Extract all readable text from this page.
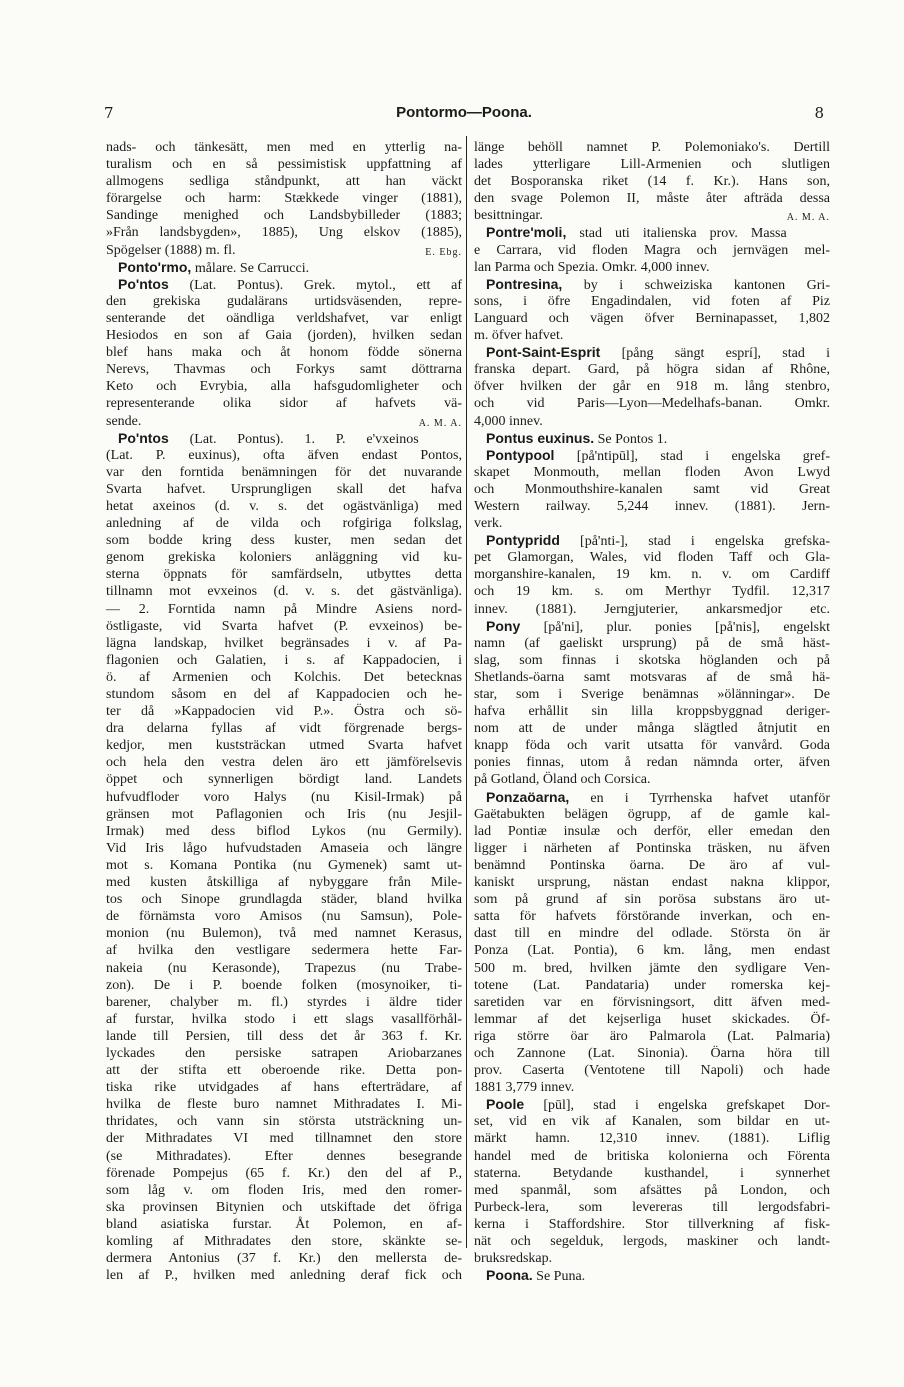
7	Pontormo—Poona.	8
nads- och tänkesätt, men med en ytterlig na-
turalism och en så pessimistisk uppfattning af
allmogens sedliga ståndpunkt, att han väckt
förargelse och harm: Stækkede vinger (1881),
Sandinge menighed och Landsbybilleder (1883;
»Från landsbygden», 1885), Ung elskov (1885),
Spögelser (1888) m. fl.	E. Ebg.
Ponto'rmo, målare. Se Carrucci.
Po'ntos (Lat. Pontus). Grek. mytol., ett af
den grekiska gudalärans urtidsväsenden, repre-
senterande det oändliga verldshafvet, var enligt
Hesiodos en son af Gaia (jorden), hvilken sedan
blef hans maka och åt honom födde sönerna
Nerevs, Thavmas och Forkys samt döttrarna
Keto och Evrybia, alla hafsgudomligheter och
representerande olika sidor af hafvets vä-
sende.	A. M. A.
Po'ntos (Lat. Pontus). 1. P. e'vxeinos
(Lat. P. euxinus), ofta äfven endast Pontos,
var den forntida benämningen för det nuvarande
Svarta hafvet. Ursprungligen skall det hafva
hetat axeinos (d. v. s. det ogästvänliga) med
anledning af de vilda och rofgiriga folkslag,
som bodde kring dess kuster, men sedan det
genom grekiska koloniers anläggning vid ku-
sterna öppnats för samfärdseln, utbyttes detta
tillnamn mot evxeinos (d. v. s. det gästvänliga).
— 2. Forntida namn på Mindre Asiens nord-
östligaste, vid Svarta hafvet (P. evxeinos) be-
lägna landskap, hvilket begränsades i v. af Pa-
flagonien och Galatien, i s. af Kappadocien, i
ö. af Armenien och Kolchis. Det betecknas
stundom såsom en del af Kappadocien och he-
ter då »Kappadocien vid P.». Östra och sö-
dra delarna fyllas af vidt förgrenade bergs-
kedjor, men kuststräckan utmed Svarta hafvet
och hela den vestra delen äro ett jämförelsevis
öppet och synnerligen bördigt land. Landets
hufvudfloder voro Halys (nu Kisil-Irmak) på
gränsen mot Paflagonien och Iris (nu Jesjil-
Irmak) med dess biflod Lykos (nu Germily).
Vid Iris lågo hufvudstaden Amaseia och längre
mot s. Komana Pontika (nu Gymenek) samt ut-
med kusten åtskilliga af nybyggare från Mile-
tos och Sinope grundlagda städer, bland hvilka
de förnämsta voro Amisos (nu Samsun), Pole-
monion (nu Bulemon), två med namnet Kerasus,
af hvilka den vestligare sedermera hette Far-
nakeia (nu Kerasonde), Trapezus (nu Trabe-
zon). De i P. boende folken (mosynoiker, ti-
barener, chalyber m. fl.) styrdes i äldre tider
af furstar, hvilka stodo i ett slags vasallförhål-
lande till Persien, till dess det år 363 f. Kr.
lyckades den persiske satrapen Ariobarzanes
att der stifta ett oberoende rike. Detta pon-
tiska rike utvidgades af hans efterträdare, af
hvilka de fleste buro namnet Mithradates I. Mi-
thridates, och vann sin största utsträckning un-
der Mithradates VI med tillnamnet den store
(se Mithradates). Efter dennes besegrande
förenade Pompejus (65 f. Kr.) den del af P.,
som låg v. om floden Iris, med den romer-
ska provinsen Bitynien och utskiftade det öfriga
bland asiatiska furstar. Åt Polemon, en af-
komling af Mithradates den store, skänkte se-
dermera Antonius (37 f. Kr.) den mellersta de-
len af P., hvilken med anledning deraf fick och
länge behöll namnet P. Polemoniako's. Dertill
lades ytterligare Lill-Armenien och slutligen
det Bosporanska riket (14 f. Kr.). Hans son,
den svage Polemon II, måste åter afträda dessa
besittningar.	A. M. A.
Pontre'moli, stad uti italienska prov. Massa
e Carrara, vid floden Magra och jernvägen mel-
lan Parma och Spezia. Omkr. 4,000 innev.
Pontresina, by i schweiziska kantonen Gri-
sons, i öfre Engadindalen, vid foten af Piz
Languard och vägen öfver Berninapasset, 1,802
m. öfver hafvet.
Pont-Saint-Esprit [pång sängt esprí], stad i
franska depart. Gard, på högra sidan af Rhône,
öfver hvilken der går en 918 m. lång stenbro,
och vid Paris—Lyon—Medelhafs-banan. Omkr.
4,000 innev.
Pontus euxinus. Se Pontos 1.
Pontypool [på'ntipūl], stad i engelska gref-
skapet Monmouth, mellan floden Avon Lwyd
och Monmouthshire-kanalen samt vid Great
Western railway. 5,244 innev. (1881). Jern-
verk.
Pontypridd [på'nti-], stad i engelska grefska-
pet Glamorgan, Wales, vid floden Taff och Gla-
morganshire-kanalen, 19 km. n. v. om Cardiff
och 19 km. s. om Merthyr Tydfil. 12,317
innev. (1881). Jerngjuterier, ankarsmedjor etc.
Pony [på'ni], plur. ponies [på'nis], engelskt
namn (af gaeliskt ursprung) på de små häst-
slag, som finnas i skotska höglanden och på
Shetlands-öarna samt motsvaras af de små hä-
star, som i Sverige benämnas »ölänningar». De
hafva erhållit sin lilla kroppsbyggnad deriger-
nom att de under många slägtled åtnjutit en
knapp föda och varit utsatta för vanvård. Goda
ponies finnas, utom å redan nämnda orter, äfven
på Gotland, Öland och Corsica.
Ponzaöarna, en i Tyrrhenska hafvet utanför
Gaëtabukten belägen ögrupp, af de gamle kal-
lad Pontiæ insulæ och derför, eller emedan den
ligger i närheten af Pontinska träsken, nu äfven
benämnd Pontinska öarna. De äro af vul-
kaniskt ursprung, nästan endast nakna klippor,
som på grund af sin porösa substans äro ut-
satta för hafvets förstörande inverkan, och en-
dast till en mindre del odlade. Största ön är
Ponza (Lat. Pontia), 6 km. lång, men endast
500 m. bred, hvilken jämte den sydligare Ven-
totene (Lat. Pandataria) under romerska kej-
saretiden var en förvisningsort, ditt äfven med-
lemmar af det kejserliga huset skickades. Öf-
riga större öar äro Palmarola (Lat. Palmaria)
och Zannone (Lat. Sinonia). Öarna höra till
prov. Caserta (Ventotene till Napoli) och hade
1881 3,779 innev.
Poole [pūl], stad i engelska grefskapet Dor-
set, vid en vik af Kanalen, som bildar en ut-
märkt hamn. 12,310 innev. (1881). Liflig
handel med de britiska kolonierna och Förenta
staterna. Betydande kusthandel, i synnerhet
med spanmål, som afsättes på London, och
Purbeck-lera, som levereras till lergodsfabri-
kerna i Staffordshire. Stor tillverkning af fisk-
nät och segelduk, lergods, maskiner och landt-
bruksredskap.
Poona. Se Puna.
